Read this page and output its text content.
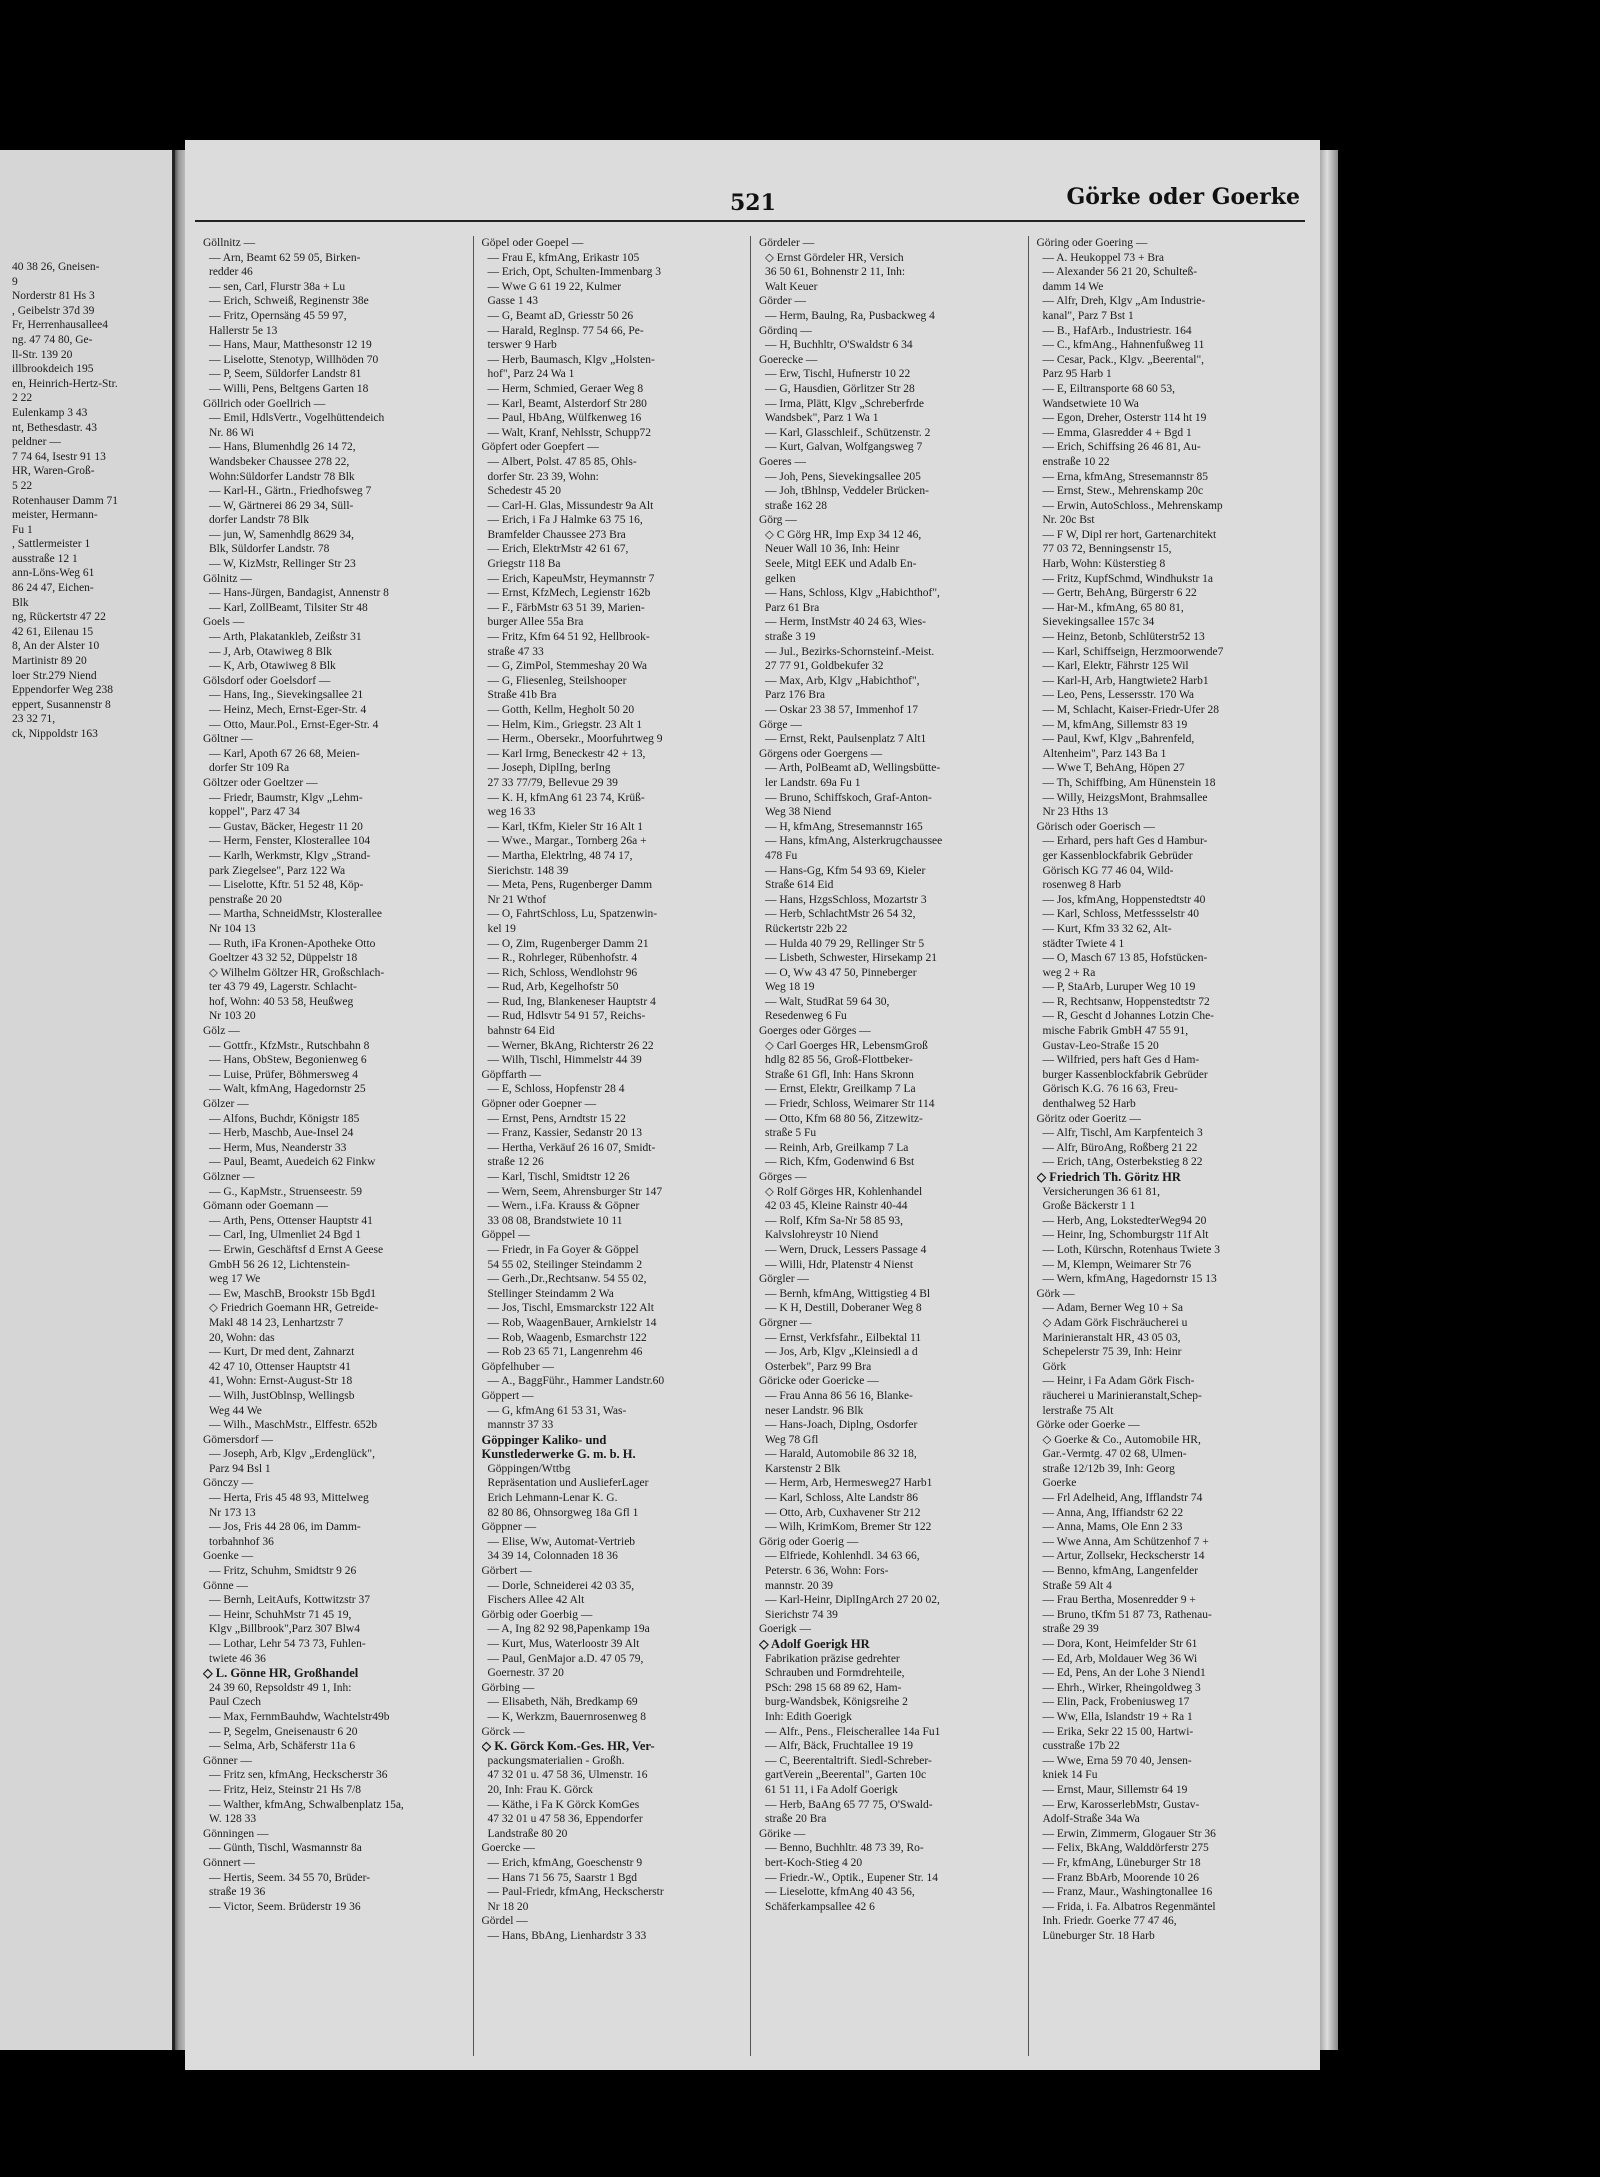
40 38 26, Gneisen-
9
Norderstr 81 Hs 3
, Geibelstr 37d 39
Fr, Herrenhausallee4
ng. 47 74 80, Ge-
ll-Str. 139 20
illbrookdeich 195
en, Heinrich-Hertz-Str.
2 22
Eulenkamp 3 43
nt, Bethesdastr. 43
peldner —
7 74 64, Isestr 91 13
HR, Waren-Groß-
5 22
Rotenhauser Damm 71
meister, Hermann-
Fu 1
, Sattlermeister 1
ausstraße 12 1
ann-Löns-Weg 61
86 24 47, Eichen-
Blk
ng, Rückertstr 47 22
42 61, Eilenau 15
8, An der Alster 10
Martinistr 89 20
loer Str.279 Niend
Eppendorfer Weg 238
eppert, Susannenstr 8
23 32 71,
ck, Nippoldstr 163
521	Görke oder Goerke
Göllnitz —
— Arn, Beamt 62 59 05, Birken-
redder 46
— sen, Carl, Flurstr 38a + Lu
— Erich, Schweiß, Reginenstr 38e
— Fritz, Opernsäng 45 59 97,
Hallerstr 5e 13
— Hans, Maur, Matthesonstr 12 19
— Liselotte, Stenotyp, Willhöden 70
— P, Seem, Süldorfer Landstr 81
— Willi, Pens, Beltgens Garten 18
Göllrich oder Goellrich —
— Emil, HdlsVertr., Vogelhüttendeich
Nr. 86 Wi
— Hans, Blumenhdlg 26 14 72,
Wandsbeker Chaussee 278 22,
Wohn:Süldorfer Landstr 78 Blk
— Karl-H., Gärtn., Friedhofsweg 7
— W, Gärtnerei 86 29 34, Süll-
dorfer Landstr 78 Blk
— jun, W, Samenhdlg 8629 34,
Blk, Süldorfer Landstr. 78
— W, KizMstr, Rellinger Str 23
Gölnitz —
— Hans-Jürgen, Bandagist, Annenstr 8
— Karl, ZollBeamt, Tilsiter Str 48
Goels —
— Arth, Plakatankleb, Zeißstr 31
— J, Arb, Otawiweg 8 Blk
— K, Arb, Otawiweg 8 Blk
Gölsdorf oder Goelsdorf —
— Hans, Ing., Sievekingsallee 21
— Heinz, Mech, Ernst-Eger-Str. 4
— Otto, Maur.Pol., Ernst-Eger-Str. 4
Göltner —
— Karl, Apoth 67 26 68, Meien-
dorfer Str 109 Ra
Göltzer oder Goeltzer —
— Friedr, Baumstr, Klgv „Lehm-
koppel", Parz 47 34
— Gustav, Bäcker, Hegestr 11 20
— Herm, Fenster, Klosterallee 104
— Karlh, Werkmstr, Klgv „Strand-
park Ziegelsee", Parz 122 Wa
— Liselotte, Kftr. 51 52 48, Köp-
penstraße 20 20
— Martha, SchneidMstr, Klosterallee
Nr 104 13
— Ruth, iFa Kronen-Apotheke Otto
Goeltzer 43 32 52, Düppelstr 18
◇ Wilhelm Göltzer HR, Großschlach-
ter 43 79 49, Lagerstr. Schlacht-
hof, Wohn: 40 53 58, Heußweg
Nr 103 20
Gölz —
— Gottfr., KfzMstr., Rutschbahn 8
— Hans, ObStew, Begonienweg 6
— Luise, Prüfer, Böhmersweg 4
— Walt, kfmAng, Hagedornstr 25
Gölzer —
— Alfons, Buchdr, Königstr 185
— Herb, Maschb, Aue-Insel 24
— Herm, Mus, Neanderstr 33
— Paul, Beamt, Auedeich 62 Finkw
Gölzner —
— G., KapMstr., Struenseestr. 59
Gömann oder Goemann —
— Arth, Pens, Ottenser Hauptstr 41
— Carl, Ing, Ulmenliet 24 Bgd 1
— Erwin, Geschäftsf d Ernst A Geese
GmbH 56 26 12, Lichtenstein-
weg 17 We
— Ew, MaschB, Brookstr 15b Bgd1
◇ Friedrich Goemann HR, Getreide-
Makl 48 14 23, Lenhartzstr 7
20, Wohn: das
— Kurt, Dr med dent, Zahnarzt
42 47 10, Ottenser Hauptstr 41
41, Wohn: Ernst-August-Str 18
— Wilh, JustOblnsp, Wellingsb
Weg 44 We
— Wilh., MaschMstr., Elffestr. 652b
Gömersdorf —
— Joseph, Arb, Klgv „Erdenglück",
Parz 94 Bsl 1
Gönczy —
— Herta, Fris 45 48 93, Mittelweg
Nr 173 13
— Jos, Fris 44 28 06, im Damm-
torbahnhof 36
Goenke —
— Fritz, Schuhm, Smidtstr 9 26
Gönne —
— Bernh, LeitAufs, Kottwitzstr 37
— Heinr, SchuhMstr 71 45 19,
Klgv „Billbrook",Parz 307 Blw4
— Lothar, Lehr 54 73 73, Fuhlen-
twiete 46 36
◇ L. Gönne HR, Großhandel
24 39 60, Repsoldstr 49 1, Inh:
Paul Czech
— Max, FernmBauhdw, Wachtelstr49b
— P, Segelm, Gneisenaustr 6 20
— Selma, Arb, Schäferstr 11a 6
Gönner —
— Fritz sen, kfmAng, Heckscherstr 36
— Fritz, Heiz, Steinstr 21 Hs 7/8
— Walther, kfmAng, Schwalbenplatz 15a,
W. 128 33
Gönningen —
— Günth, Tischl, Wasmannstr 8a
Gönnert —
— Hertis, Seem. 34 55 70, Brüder-
straße 19 36
— Victor, Seem. Brüderstr 19 36
Göpel oder Goepel —
— Frau E, kfmAng, Erikastr 105
— Erich, Opt, Schulten-Immenbarg 3
— Wwe G 61 19 22, Kulmer
Gasse 1 43
— G, Beamt aD, Griesstr 50 26
— Harald, Reglnsp. 77 54 66, Pe-
terswег 9 Harb
— Herb, Baumasch, Klgv „Holsten-
hof", Parz 24 Wa 1
— Herm, Schmied, Geraer Weg 8
— Karl, Beamt, Alsterdorf Str 280
— Paul, HbAng, Wülfkenweg 16
— Walt, Kranf, Nehlsstr, Schupp72
Göpfert oder Goepfert —
— Albert, Polst. 47 85 85, Ohls-
dorfer Str. 23 39, Wohn:
Schedestr 45 20
— Carl-H. Glas, Missundestr 9a Alt
— Erich, i Fa J Halmke 63 75 16,
Bramfelder Chaussee 273 Bra
— Erich, ElektrMstr 42 61 67,
Griegstr 118 Ba
— Erich, KapeuMstr, Heymannstr 7
— Ernst, KfzMech, Legienstr 162b
— F., FärbMstr 63 51 39, Marien-
burger Allee 55a Bra
— Fritz, Kfm 64 51 92, Hellbrook-
straße 47 33
— G, ZimPol, Stemmeshay 20 Wa
— G, Fliesenleg, Steilshooper
Straße 41b Bra
— Gotth, Kellm, Hegholt 50 20
— Helm, Kim., Griegstr. 23 Alt 1
— Herm., Obersekr., Moorfuhrtweg 9
— Karl Irmg, Beneckestr 42 + 13,
— Joseph, DiplIng, berIng
27 33 77/79, Bellevue 29 39
— K. H, kfmAng 61 23 74, Krüß-
weg 16 33
— Karl, tKfm, Kieler Str 16 Alt 1
— Wwe., Margar., Tornberg 26a +
— Martha, Elektrlng, 48 74 17,
Sierichstr. 148 39
— Meta, Pens, Rugenberger Damm
Nr 21 Wthof
— O, FahrtSchloss, Lu, Spatzenwin-
kel 19
— O, Zim, Rugenberger Damm 21
— R., Rohrleger, Rübenhofstr. 4
— Rich, Schloss, Wendlohstr 96
— Rud, Arb, Kegelhofstr 50
— Rud, Ing, Blankeneser Hauptstr 4
— Rud, Hdlsvtr 54 91 57, Reichs-
bahnstr 64 Eid
— Werner, BkAng, Richterstr 26 22
— Wilh, Tischl, Himmelstr 44 39
Göpffarth —
— E, Schloss, Hopfenstr 28 4
Göpner oder Goepner —
— Ernst, Pens, Arndtstr 15 22
— Franz, Kassier, Sedanstr 20 13
— Hertha, Verkäuf 26 16 07, Smidt-
straße 12 26
— Karl, Tischl, Smidtstr 12 26
— Wern, Seem, Ahrensburger Str 147
— Wern., i.Fa. Krauss & Göpner
33 08 08, Brandstwiete 10 11
Göppel —
— Friedr, in Fa Goyer & Göppel
54 55 02, Steilinger Steindamm 2
— Gerh.,Dr.,Rechtsanw. 54 55 02,
Stellinger Steindamm 2 Wa
— Jos, Tischl, Emsmarckstr 122 Alt
— Rob, WaagenBauer, Arnkielstr 14
— Rob, Waagenb, Esmarchstr 122
— Rob 23 65 71, Langenrehm 46
Göpfelhuber —
— A., BaggFühr., Hammer Landstr.60
Göppert —
— G, kfmAng 61 53 31, Was-
mannstr 37 33
Göppinger Kaliko- und
Kunstlederwerke G. m. b. H.
Göppingen/Wttbg
Repräsentation und AuslieferLager
Erich Lehmann-Lenar K. G.
82 80 86, Ohnsorgweg 18a Gfl 1
Göppner —
— Elise, Ww, Automat-Vertrieb
34 39 14, Colonnaden 18 36
Görbert —
— Dorle, Schneiderei 42 03 35,
Fischers Allee 42 Alt
Görbig oder Goerbig —
— A, Ing 82 92 98,Papenkamp 19a
— Kurt, Mus, Waterloostr 39 Alt
— Paul, GenMajor a.D. 47 05 79,
Goernestr. 37 20
Görbing —
— Elisabeth, Näh, Bredkamp 69
— K, Werkzm, Bauernrosenweg 8
Görck —
◇ K. Görck Kom.-Ges. HR, Ver-
packungsmaterialien - Großh.
47 32 01 u. 47 58 36, Ulmenstr. 16
20, Inh: Frau K. Görck
— Käthe, i Fa K Görck KomGes
47 32 01 u 47 58 36, Eppendorfer
Landstraße 80 20
Goercke —
— Erich, kfmAng, Goeschenstr 9
— Hans 71 56 75, Saarstr 1 Bgd
— Paul-Friedr, kfmAng, Heckscherstr
Nr 18 20
Gördel —
— Hans, BbAng, Lienhardstr 3 33
Gördeler —
◇ Ernst Gördeler HR, Versich
36 50 61, Bohnenstr 2 11, Inh:
Walt Keuer
Görder —
— Herm, Baulng, Ra, Pusbackweg 4
Gördinq —
— H, Buchhltr, O'Swaldstr 6 34
Goerecke —
— Erw, Tischl, Hufnerstr 10 22
— G, Hausdien, Görlitzer Str 28
— Irma, Plätt, Klgv „Schreberfrde
Wandsbek", Parz 1 Wa 1
— Karl, Glasschleif., Schützenstr. 2
— Kurt, Galvan, Wolfgangsweg 7
Goeres —
— Joh, Pens, Sievekingsallee 205
— Joh, tBhlnsp, Veddeler Brücken-
straße 162 28
Görg —
◇ C Görg HR, Imp Exp 34 12 46,
Neuer Wall 10 36, Inh: Heinr
Seele, Mitgl EEK und Adalb En-
gelken
— Hans, Schloss, Klgv „Habichthof",
Parz 61 Bra
— Herm, InstMstr 40 24 63, Wies-
straße 3 19
— Jul., Bezirks-Schornsteinf.-Meist.
27 77 91, Goldbekufer 32
— Max, Arb, Klgv „Habichthof",
Parz 176 Bra
— Oskar 23 38 57, Immenhof 17
Görge —
— Ernst, Rekt, Paulsenplatz 7 Alt1
Görgens oder Goergens —
— Arth, PolBeamt aD, Wellingsbütte-
ler Landstr. 69a Fu 1
— Bruno, Schiffskoch, Graf-Anton-
Weg 38 Niend
— H, kfmAng, Stresemannstr 165
— Hans, kfmAng, Alsterkrugchaussee
478 Fu
— Hans-Gg, Kfm 54 93 69, Kieler
Straße 614 Eid
— Hans, HzgsSchloss, Mozartstr 3
— Herb, SchlachtMstr 26 54 32,
Rückertstr 22b 22
— Hulda 40 79 29, Rellinger Str 5
— Lisbeth, Schwester, Hirsekamp 21
— O, Ww 43 47 50, Pinneberger
Weg 18 19
— Walt, StudRat 59 64 30,
Resedenweg 6 Fu
Goerges oder Görges —
◇ Carl Goerges HR, LebensmGroß
hdlg 82 85 56, Groß-Flottbeker-
Straße 61 Gfl, Inh: Hans Skronn
— Ernst, Elektr, Greilkamp 7 La
— Friedr, Schloss, Weimarer Str 114
— Otto, Kfm 68 80 56, Zitzewitz-
straße 5 Fu
— Reinh, Arb, Greilkamp 7 La
— Rich, Kfm, Godenwind 6 Bst
Görges —
◇ Rolf Görges HR, Kohlenhandel
42 03 45, Kleine Rainstr 40-44
— Rolf, Kfm Sa-Nr 58 85 93,
Kalvslohreystr 10 Niend
— Wern, Druck, Lessers Passage 4
— Willi, Hdr, Platenstr 4 Nienst
Görgler —
— Bernh, kfmAng, Wittigstieg 4 Bl
— K H, Destill, Doberaner Weg 8
Görgner —
— Ernst, Verkfsfahr., Eilbektal 11
— Jos, Arb, Klgv „Kleinsiedl a d
Osterbek", Parz 99 Bra
Göricke oder Goericke —
— Frau Anna 86 56 16, Blanke-
neser Landstr. 96 Blk
— Hans-Joach, Diplng, Osdorfer
Weg 78 Gfl
— Harald, Automobile 86 32 18,
Karstenstr 2 Blk
— Herm, Arb, Hermesweg27 Harb1
— Karl, Schloss, Alte Landstr 86
— Otto, Arb, Cuxhavener Str 212
— Wilh, KrimKom, Bremer Str 122
Görig oder Goerig —
— Elfriede, Kohlenhdl. 34 63 66,
Peterstr. 6 36, Wohn: Fors-
mannstr. 20 39
— Karl-Heinr, DiplIngArch 27 20 02,
Sierichstr 74 39
Goerigk —
◇ Adolf Goerigk HR
Fabrikation präzise gedrehter
Schrauben und Formdrehteile,
PSch: 298 15 68 89 62, Ham-
burg-Wandsbek, Königsreihe 2
Inh: Edith Goerigk
— Alfr., Pens., Fleischerallee 14a Fu1
— Alfr, Bäck, Fruchtallee 19 19
— C, Beerentaltrift. Siedl-Schreber-
gartVerein „Beerental", Garten 10c
61 51 11, i Fa Adolf Goerigk
— Herb, BaAng 65 77 75, O'Swald-
straße 20 Bra
Görike —
— Benno, Buchhltr. 48 73 39, Ro-
bert-Koch-Stieg 4 20
— Friedr.-W., Optik., Eupener Str. 14
— Lieselotte, kfmAng 40 43 56,
Schäferkampsallee 42 6
Göring oder Goering —
— A. Heukoppel 73 + Bra
— Alexander 56 21 20, Schulteß-
damm 14 We
— Alfr, Dreh, Klgv „Am Industrie-
kanal", Parz 7 Bst 1
— B., HafArb., Industriestr. 164
— C., kfmAng., Hahnenfußweg 11
— Cesar, Pack., Klgv. „Beerental",
Parz 95 Harb 1
— E, Eiltransporte 68 60 53,
Wandsetwiete 10 Wa
— Egon, Dreher, Osterstr 114 ht 19
— Emma, Glasredder 4 + Bgd 1
— Erich, Schiffsing 26 46 81, Au-
enstraße 10 22
— Erna, kfmAng, Stresemannstr 85
— Ernst, Stew., Mehrenskamp 20c
— Erwin, AutoSchloss., Mehrenskamp
Nr. 20c Bst
— F W, Dipl rer hort, Gartenarchitekt
77 03 72, Benningsenstr 15,
Harb, Wohn: Küsterstieg 8
— Fritz, KupfSchmd, Windhukstr 1a
— Gertr, BehAng, Bürgerstr 6 22
— Har-M., kfmAng, 65 80 81,
Sievekingsallee 157c 34
— Heinz, Betonb, Schlüterstr52 13
— Karl, Schiffseign, Herzmoorwende7
— Karl, Elektr, Fährstr 125 Wil
— Karl-H, Arb, Hangtwiete2 Harb1
— Leo, Pens, Lessersstr. 170 Wa
— M, Schlacht, Kaiser-Friedr-Ufer 28
— M, kfmAng, Sillemstr 83 19
— Paul, Kwf, Klgv „Bahrenfeld,
Altenheim", Parz 143 Ba 1
— Wwe T, BehAng, Höpen 27
— Th, Schiffbing, Am Hünenstein 18
— Willy, HeizgsMont, Brahmsallee
Nr 23 Hths 13
Görisch oder Goerisch —
— Erhard, pers haft Ges d Hambur-
ger Kassenblockfabrik Gebrüder
Görisch KG 77 46 04, Wild-
rosenweg 8 Harb
— Jos, kfmAng, Hoppenstedtstr 40
— Karl, Schloss, Metfessselstr 40
— Kurt, Kfm 33 32 62, Alt-
städter Twiete 4 1
— O, Masch 67 13 85, Hofstücken-
weg 2 + Ra
— P, StaArb, Luruper Weg 10 19
— R, Rechtsanw, Hoppenstedtstr 72
— R, Gescht d Johannes Lotzin Che-
mische Fabrik GmbH 47 55 91,
Gustav-Leo-Straße 15 20
— Wilfried, pers haft Ges d Ham-
burger Kassenblockfabrik Gebrüder
Görisch K.G. 76 16 63, Freu-
denthalweg 52 Harb
Göritz oder Goeritz —
— Alfr, Tischl, Am Karpfenteich 3
— Alfr, BüroAng, Roßberg 21 22
— Erich, tAng, Osterbekstieg 8 22
◇ Friedrich Th. Göritz HR
Versicherungen 36 61 81,
Große Bäckerstr 1 1
— Herb, Ang, LokstedterWeg94 20
— Heinr, Ing, Schomburgstr 11f Alt
— Loth, Kürschn, Rotenhaus Twiete 3
— M, Klempn, Weimarer Str 76
— Wern, kfmAng, Hagedornstr 15 13
Görk —
— Adam, Berner Weg 10 + Sa
◇ Adam Görk Fischräucherei u
Marinieranstalt HR, 43 05 03,
Schepelerstr 75 39, Inh: Heinr
Görk
— Heinr, i Fa Adam Görk Fisch-
räucherei u Marinieranstalt,Schep-
lerstraße 75 Alt
Görke oder Goerke —
◇ Goerke & Co., Automobile HR,
Gar.-Vermtg. 47 02 68, Ulmen-
straße 12/12b 39, Inh: Georg
Goerke
— Frl Adelheid, Ang, Ifflandstr 74
— Anna, Ang, Iffiandstr 62 22
— Anna, Mams, Ole Enn 2 33
— Wwe Anna, Am Schützenhof 7 +
— Artur, Zollsekr, Heckscherstr 14
— Benno, kfmAng, Langenfelder
Straße 59 Alt 4
— Frau Bertha, Mosenredder 9 +
— Bruno, tKfm 51 87 73, Rathenau-
straße 29 39
— Dora, Kont, Heimfelder Str 61
— Ed, Arb, Moldauer Weg 36 Wi
— Ed, Pens, An der Lohe 3 Niend1
— Ehrh., Wirker, Rheingoldweg 3
— Elin, Pack, Frobeniusweg 17
— Ww, Ella, Islandstr 19 + Ra 1
— Erika, Sekr 22 15 00, Hartwi-
cusstraße 17b 22
— Wwe, Erna 59 70 40, Jensen-
kniek 14 Fu
— Ernst, Maur, Sillemstr 64 19
— Erw, KarosserlebMstr, Gustav-
Adolf-Straße 34a Wa
— Erwin, Zimmerm, Glogauer Str 36
— Felix, BkAng, Walddörferstr 275
— Fr, kfmAng, Lüneburger Str 18
— Franz BbArb, Moorende 10 26
— Franz, Maur., Washingtonallee 16
— Frida, i. Fa. Albatros Regenmäntel
Inh. Friedr. Goerke 77 47 46,
Lüneburger Str. 18 Harb
